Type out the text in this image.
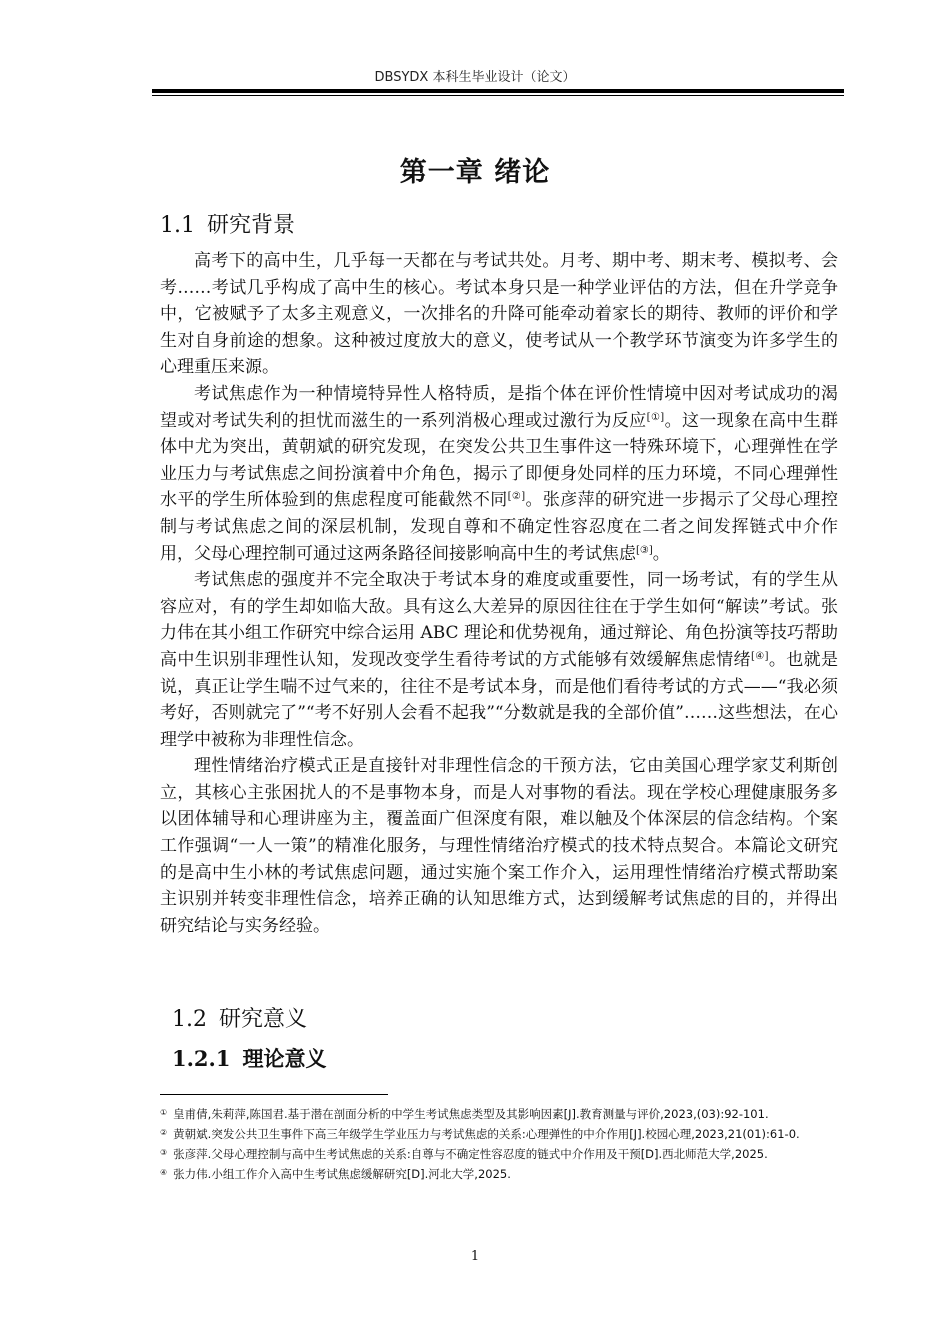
DBSYDX 本科生毕业设计（论文）
第一章 绪论
1.1 研究背景

高考下的高中生，几乎每一天都在与考试共处。月考、期中考、期末考、模拟考、会考……考试几乎构成了高中生的核心。考试本身只是一种学业评估的方法，但在升学竞争中，它被赋予了太多主观意义，一次排名的升降可能牵动着家长的期待、教师的评价和学生对自身前途的想象。这种被过度放大的意义，使考试从一个教学环节演变为许多学生的心理重压来源。

考试焦虑作为一种情境特异性人格特质，是指个体在评价性情境中因对考试成功的渴望或对考试失利的担忧而滋生的一系列消极心理或过激行为反应[①]。这一现象在高中生群体中尤为突出，黄朝斌的研究发现，在突发公共卫生事件这一特殊环境下，心理弹性在学业压力与考试焦虑之间扮演着中介角色，揭示了即便身处同样的压力环境，不同心理弹性水平的学生所体验到的焦虑程度可能截然不同[②]。张彦萍的研究进一步揭示了父母心理控制与考试焦虑之间的深层机制，发现自尊和不确定性容忍度在二者之间发挥链式中介作用，父母心理控制可通过这两条路径间接影响高中生的考试焦虑[③]。

考试焦虑的强度并不完全取决于考试本身的难度或重要性，同一场考试，有的学生从容应对，有的学生却如临大敌。具有这么大差异的原因往往在于学生如何“解读”考试。张力伟在其小组工作研究中综合运用 ABC 理论和优势视角，通过辩论、角色扮演等技巧帮助高中生识别非理性认知，发现改变学生看待考试的方式能够有效缓解焦虑情绪[④]。也就是说，真正让学生喘不过气来的，往往不是考试本身，而是他们看待考试的方式——“我必须考好，否则就完了”“考不好别人会看不起我”“分数就是我的全部价值”……这些想法，在心理学中被称为非理性信念。

理性情绪治疗模式正是直接针对非理性信念的干预方法，它由美国心理学家艾利斯创立，其核心主张困扰人的不是事物本身，而是人对事物的看法。现在学校心理健康服务多以团体辅导和心理讲座为主，覆盖面广但深度有限，难以触及个体深层的信念结构。个案工作强调“一人一策”的精准化服务，与理性情绪治疗模式的技术特点契合。本篇论文研究的是高中生小林的考试焦虑问题，通过实施个案工作介入，运用理性情绪治疗模式帮助案主识别并转变非理性信念，培养正确的认知思维方式，达到缓解考试焦虑的目的，并得出研究结论与实务经验。

1.2 研究意义
1.2.1 理论意义

① 皇甫倩,朱莉萍,陈国君.基于潜在剖面分析的中学生考试焦虑类型及其影响因素[J].教育测量与评价,2023,(03):92-101.

② 黄朝斌.突发公共卫生事件下高三年级学生学业压力与考试焦虑的关系:心理弹性的中介作用[J].校园心理,2023,21(01):61-0.

③ 张彦萍.父母心理控制与高中生考试焦虑的关系:自尊与不确定性容忍度的链式中介作用及干预[D].西北师范大学,2025.

④ 张力伟.小组工作介入高中生考试焦虑缓解研究[D].河北大学,2025.

1
